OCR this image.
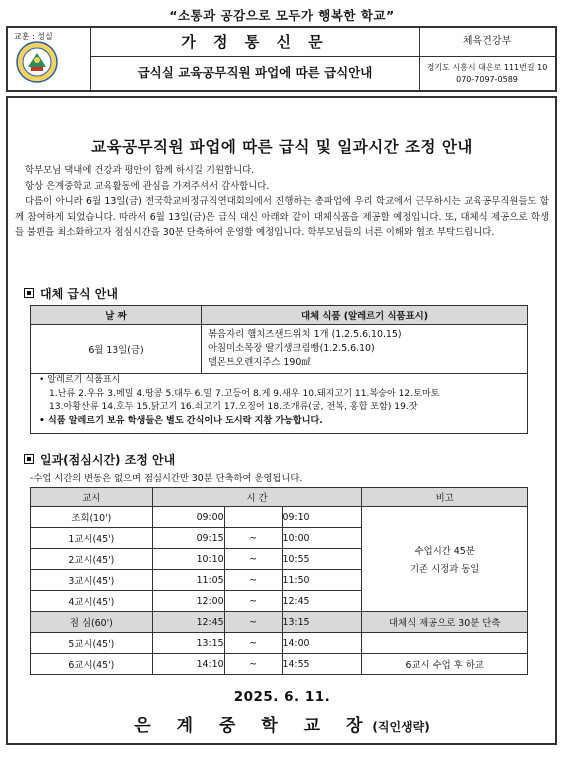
“소통과 공감으로 모두가 행복한 학교”
교훈 : 성실	가 정 통 신 문
급식실 교육공무직원 파업에 따른 급식안내
체육건강부
경기도 시흥시 대은로 111번길 10
070-7097-0589
교육공무직원 파업에 따른 급식 및 일과시간 조정 안내

학부모님 댁내에 건강과 평안이 함께 하시길 기원합니다.

항상 은계중학교 교육활동에 관심을 가져주셔서 감사합니다.

다름이 아니라 6월 13일(금) 전국학교비정규직연대회의에서 진행하는 총파업에 우리 학교에서 근무하시는 교육공무직원들도 함께 참여하게 되었습니다. 따라서 6월 13일(금)은 급식 대신 아래와 같이 대체식품을 제공할 예정입니다. 또, 대체식 제공으로 학생들 불편을 최소화하고자 점심시간을 30분 단축하여 운영할 예정입니다. 학부모님들의 너른 이해와 협조 부탁드립니다.

대체 급식 안내
날 짜	대체 식품 (알레르기 식품표시)
6월 13일(금)	볶음자리 햄치즈샌드위치 1개 (1.2.5.6.10.15)
아침미소목장 딸기생크림빵(1.2.5.6.10)
델몬트오렌지주스 190㎖
• 알레르기 식품표시
1.난류 2.우유 3.메밀 4.땅콩 5.대두 6.밀 7.고등어 8.게 9.새우 10.돼지고기 11.복숭아 12.토마토
13.아황산류 14.호두 15.닭고기 16.쇠고기 17.오징어 18.조개류(굴, 전복, 홍합 포함) 19.잣
• 식품 알레르기 보유 학생들은 별도 간식이나 도시락 지참 가능합니다.
일과(점심시간) 조정 안내
-수업 시간의 변동은 없으며 점심시간만 30분 단축하여 운영됩니다.
교시	시 간			비고
조회(10')	09:00		09:10	수업시간 45분
기존 시정과 동일

1교시(45')	09:15	~	10:00	
2교시(45')	10:10	~	10:55	
3교시(45')	11:05	~	11:50	
4교시(45')	12:00	~	12:45	
점 심(60')	12:45	~	13:15	대체식 제공으로 30분 단축
5교시(45')	13:15	~	14:00	
6교시(45')	14:10	~	14:55	6교시 수업 후 하교
2025. 6. 11.
은 계 중 학 교 장(직인생략)
